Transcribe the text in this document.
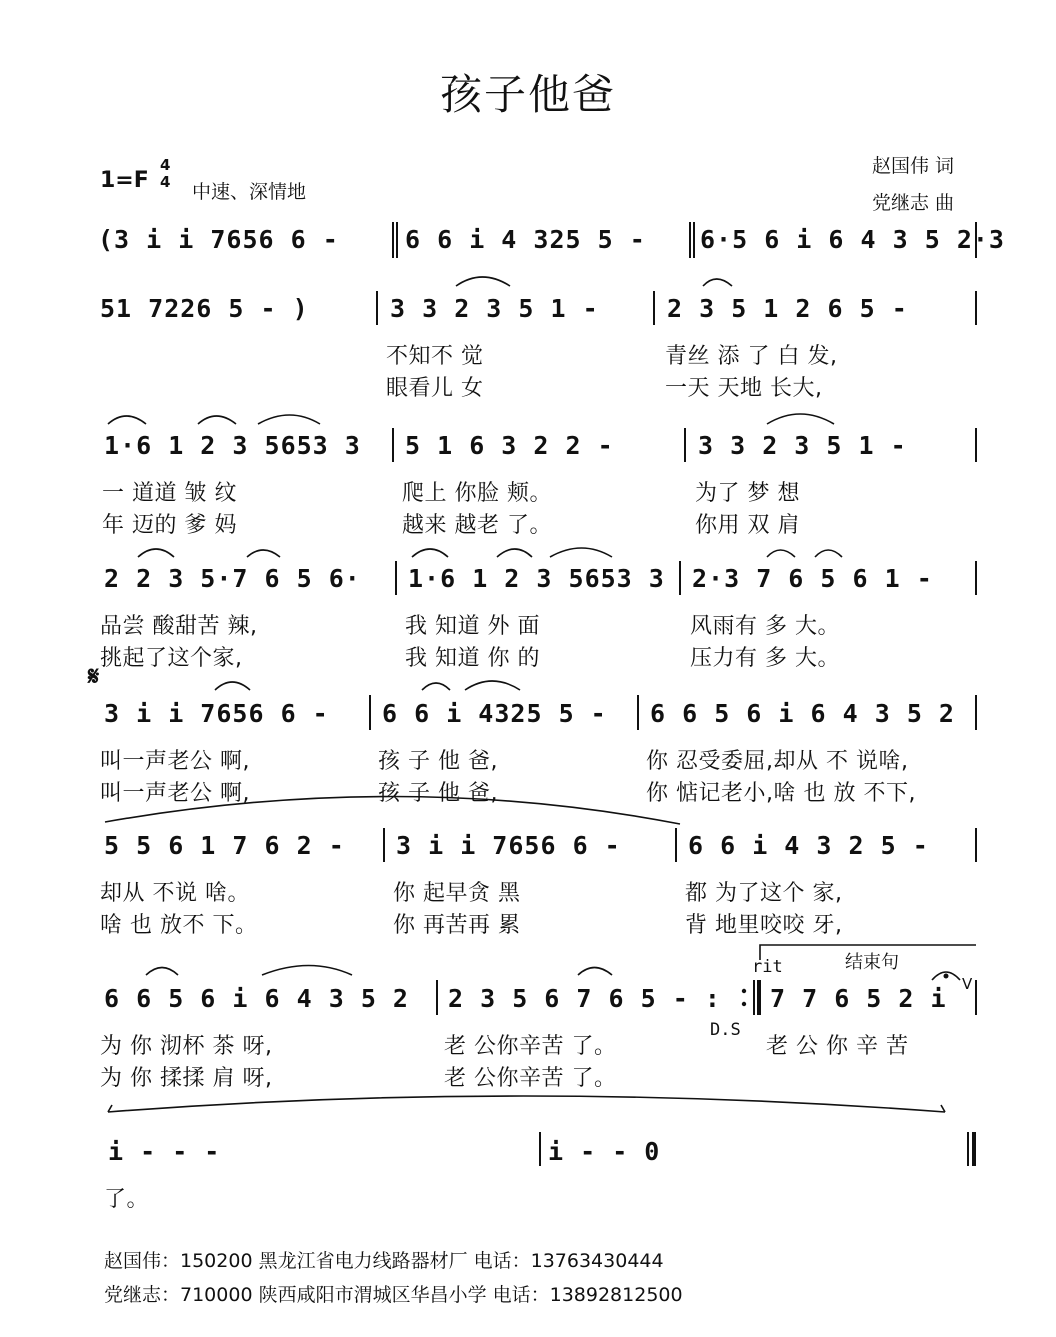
孩子他爸
赵国伟 词
党继志 曲
1=F
4
4 中速、深情地
(3 i i 7656 6 -	6 6 i 4 325 5 - 6·5 6 i 6 4 3 5 2·3
51 7226 5 - )	3 3 2 3 5 1 -	2 3 5 1 2 6 5 -
不知不 觉	青丝 添 了 白 发,
眼看儿 女	一天 天地 长大,
1·6 1 2 3 5653 3 5 1 6 3 2 2 -	3 3 2 3 5 1 -
一 道道 皱 纹	爬上 你脸 颊。	为了 梦 想
年 迈的 爹 妈	越来 越老 了。	你用 双 肩
2 2 3 5·7 6 5 6· 1·6 1 2 3 5653 3 2·3 7 6 5 6 1 -
品尝 酸甜苦 辣,	我 知道 外 面	风雨有 多 大。
挑起了这个家,	我 知道 你 的	压力有 多 大。
𝄋
3 i i 7656 6 - 6 6 i 4325 5 - 6 6 5 6 i 6 4 3 5 2
叫一声老公 啊,	孩 子 他 爸,	你 忍受委屈,却从 不 说啥,
叫一声老公 啊,	孩 子 他 爸,	你 惦记老小,啥 也 放 不下,
5 5 6 1 7 6 2 - 3 i i 7656 6 -	6 6 i 4 3 2 5 -
却从 不说 啥。	你 起早贪 黑	都 为了这个 家,
啥 也 放不 下。	你 再苦再 累	背 地里咬咬 牙,
rit	结束句
V
6 6 5 6 i 6 4 3 5 2 2 3 5 6 7 6 5 - : 7 7 6 5 2 i
为 你 沏杯 茶 呀,	老 公你辛苦 了。	老 公 你 辛 苦
为 你 揉揉 肩 呀,	老 公你辛苦 了。
D.S
i - - -	i - - 0
了。
赵国伟：150200 黑龙江省电力线路器材厂 电话：13763430444
党继志：710000 陕西咸阳市渭城区华昌小学 电话：13892812500
